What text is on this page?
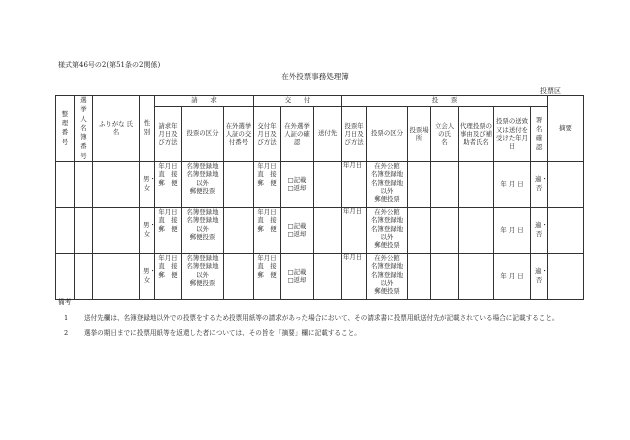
様式第46号の2(第51条の2関係)
在外投票事務処理簿
投票区
整理番号	選挙人名簿番号	ふりがな 氏　名	性　　別	請　　求			交　　付			投　　票							摘要
				請求年月日及び方法	投票の区分	在外選挙人証の交付番号	交付年月日及び方法	在外選挙人証の確認	送付先	投票年月日及び方法	投票の区分	投票場所	立会人の氏　名	代理投票の事由及び補助者氏名	投票の送致又は送付を受けた年月日	署名確認	
			男・女	年月日
直　接
郵　便	名簿登録地
名簿登録地
以外
郵便投票		年月日
直　接
郵　便	□記載
□返却		年月日	在外公館
名簿登録地
名簿登録地
以外
郵便投票				年 月 日	適・否	
			男・女	年月日
直　接
郵　便	名簿登録地
名簿登録地
以外
郵便投票		年月日
直　接
郵　便	□記載
□返却		年月日	在外公館
名簿登録地
名簿登録地
以外
郵便投票				年 月 日	適・否	
			男・女	年月日
直　接
郵　便	名簿登録地
名簿登録地
以外
郵便投票		年月日
直　接
郵　便	□記載
□返却		年月日	在外公館
名簿登録地
名簿登録地
以外
郵便投票				年 月 日	適・否	
備考
1 送付先欄は、名簿登録地以外での投票をするため投票用紙等の請求があった場合において、その請求書に投票用紙送付先が記載されている場合に記載すること。
2 選挙の期日までに投票用紙等を返還した者については、その旨を「摘要」欄に記載すること。
